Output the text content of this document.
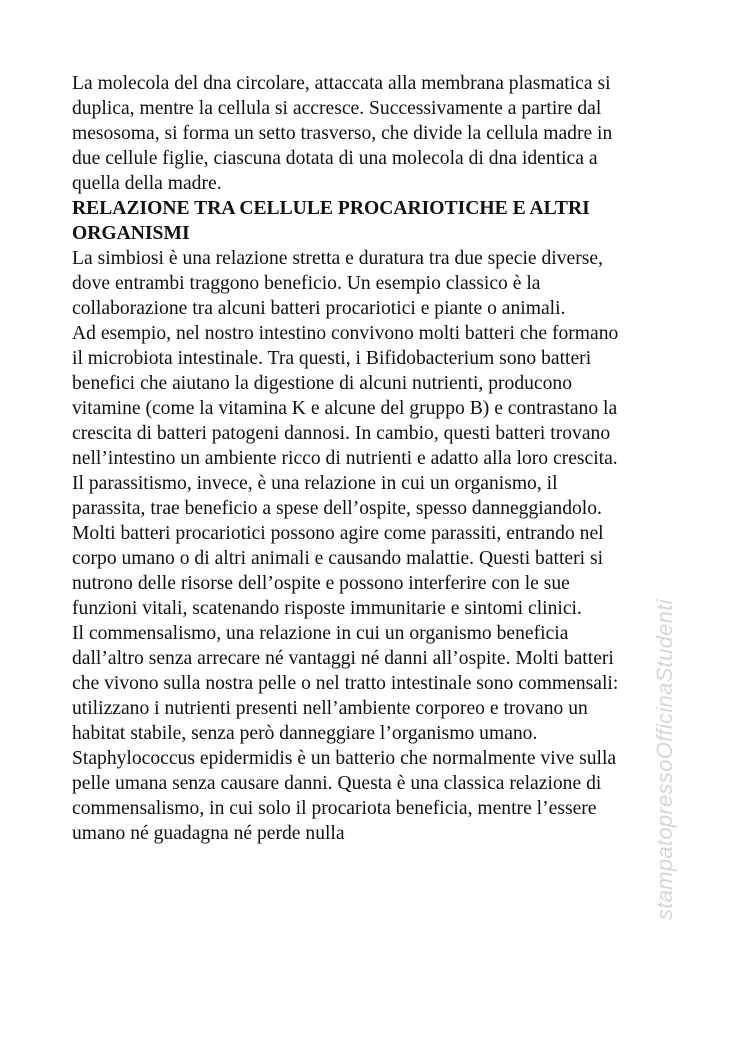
La molecola del dna circolare, attaccata alla membrana plasmatica si
duplica, mentre la cellula si accresce. Successivamente a partire dal
mesosoma, si forma un setto trasverso, che divide la cellula madre in
due cellule figlie, ciascuna dotata di una molecola di dna identica a
quella della madre.
RELAZIONE TRA CELLULE PROCARIOTICHE E ALTRI
ORGANISMI
La simbiosi è una relazione stretta e duratura tra due specie diverse,
dove entrambi traggono beneficio. Un esempio classico è la
collaborazione tra alcuni batteri procariotici e piante o animali.
Ad esempio, nel nostro intestino convivono molti batteri che formano
il microbiota intestinale. Tra questi, i Bifidobacterium sono batteri
benefici che aiutano la digestione di alcuni nutrienti, producono
vitamine (come la vitamina K e alcune del gruppo B) e contrastano la
crescita di batteri patogeni dannosi. In cambio, questi batteri trovano
nell’intestino un ambiente ricco di nutrienti e adatto alla loro crescita.
Il parassitismo, invece, è una relazione in cui un organismo, il
parassita, trae beneficio a spese dell’ospite, spesso danneggiandolo.
Molti batteri procariotici possono agire come parassiti, entrando nel
corpo umano o di altri animali e causando malattie. Questi batteri si
nutrono delle risorse dell’ospite e possono interferire con le sue
funzioni vitali, scatenando risposte immunitarie e sintomi clinici.
Il commensalismo, una relazione in cui un organismo beneficia
dall’altro senza arrecare né vantaggi né danni all’ospite. Molti batteri
che vivono sulla nostra pelle o nel tratto intestinale sono commensali:
utilizzano i nutrienti presenti nell’ambiente corporeo e trovano un
habitat stabile, senza però danneggiare l’organismo umano.
Staphylococcus epidermidis è un batterio che normalmente vive sulla
pelle umana senza causare danni. Questa è una classica relazione di
commensalismo, in cui solo il procariota beneficia, mentre l’essere
umano né guadagna né perde nulla	stampatopressoOfficinaStudenti
